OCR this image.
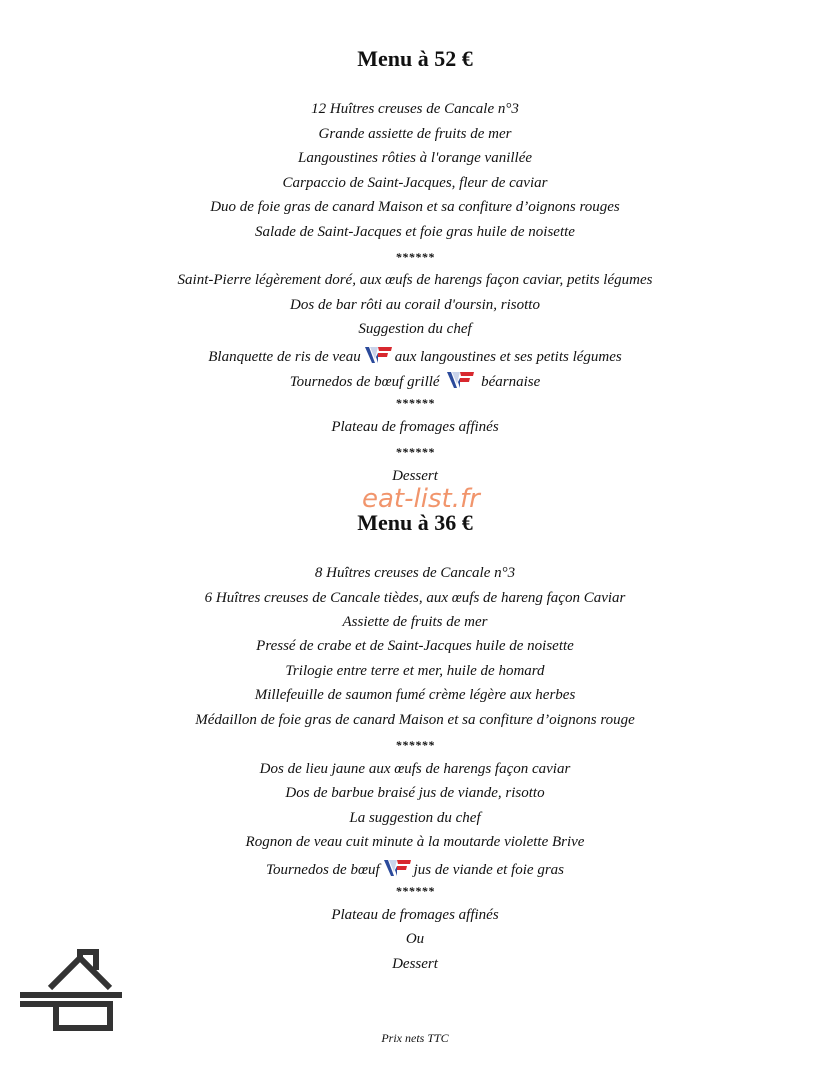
Menu à 52 €
12 Huîtres creuses de Cancale n°3
Grande assiette de fruits de mer
Langoustines rôties à l'orange vanillée
Carpaccio de Saint-Jacques, fleur de caviar
Duo de foie gras de canard Maison et sa confiture d’oignons rouges
Salade de Saint-Jacques et foie gras huile de noisette
******
Saint-Pierre légèrement doré, aux œufs de harengs façon caviar, petits légumes
Dos de bar rôti au corail d'oursin, risotto
Suggestion du chef
Blanquette de ris de veau aux langoustines et ses petits légumes
Tournedos de bœuf grillé	béarnaise
******
Plateau de fromages affinés
******
Dessert
eat-list.fr
Menu à 36 €
8 Huîtres creuses de Cancale n°3
6 Huîtres creuses de Cancale tièdes, aux œufs de hareng façon Caviar
Assiette de fruits de mer
Pressé de crabe et de Saint-Jacques huile de noisette
Trilogie entre terre et mer, huile de homard
Millefeuille de saumon fumé crème légère aux herbes
Médaillon de foie gras de canard Maison et sa confiture d’oignons rouge
******
Dos de lieu jaune aux œufs de harengs façon caviar
Dos de barbue braisé jus de viande, risotto
La suggestion du chef
Rognon de veau cuit minute à la moutarde violette Brive
Tournedos de bœuf jus de viande et foie gras
******
Plateau de fromages affinés
Ou
Dessert
Prix nets TTC
